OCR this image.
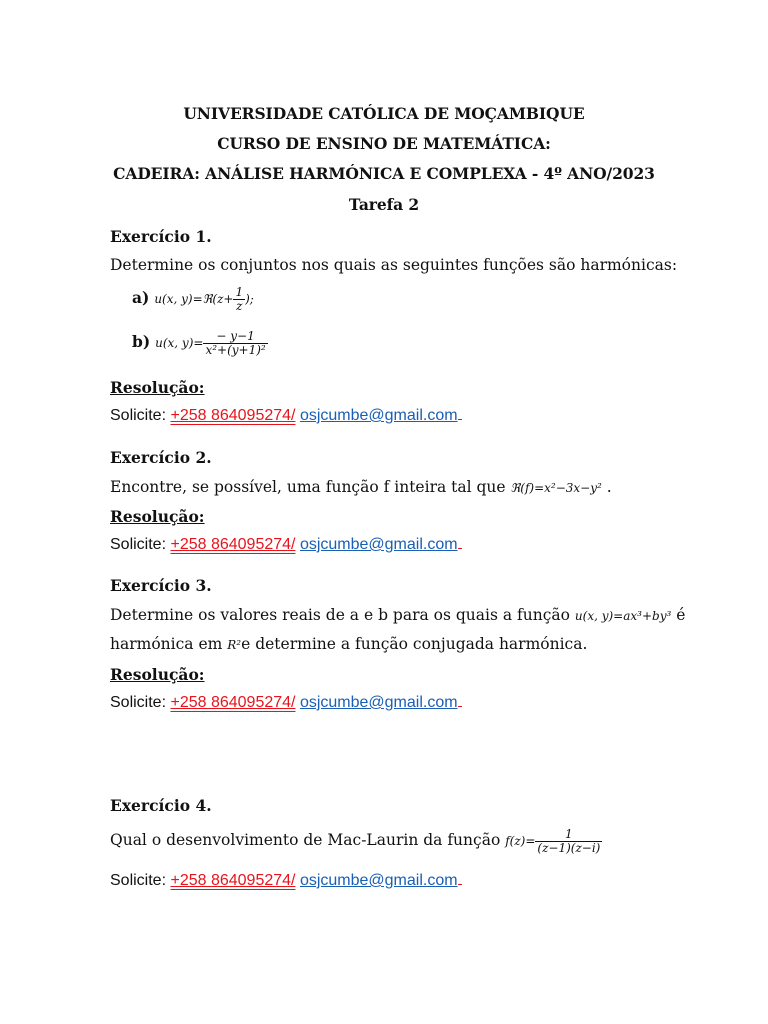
UNIVERSIDADE CATÓLICA DE MOÇAMBIQUE
CURSO DE ENSINO DE MATEMÁTICA:
CADEIRA: ANÁLISE HARMÓNICA E COMPLEXA - 4º ANO/2023
Tarefa 2
Exercício 1.
Determine os conjuntos nos quais as seguintes funções são harmónicas:
a) u(x, y)=ℜ(z+ $\frac{1}{z}$ );
b) u(x, $y)= \frac{- y-1}{\text{x²+(y+1)²}}$
Resolução:
Solicite: +258 864095274/ osjcumbe@gmail.com
Exercício 2.
Encontre, se possível, uma função f inteira tal que ℜ(f)=x²−3x−y² .
Resolução:
Solicite: +258 864095274/ osjcumbe@gmail.com
Exercício 3.
Determine os valores reais de a e b para os quais a função u(x, y)=ax³+by³ é
harmónica em R²e determine a função conjugada harmónica.
Resolução:
Solicite: +258 864095274/ osjcumbe@gmail.com
Exercício 4.
Qual o desenvolvimento de Mac-Laurin da função $f(z)= \frac{1}{(z-1)(z-i)}$
Solicite: +258 864095274/ osjcumbe@gmail.com
